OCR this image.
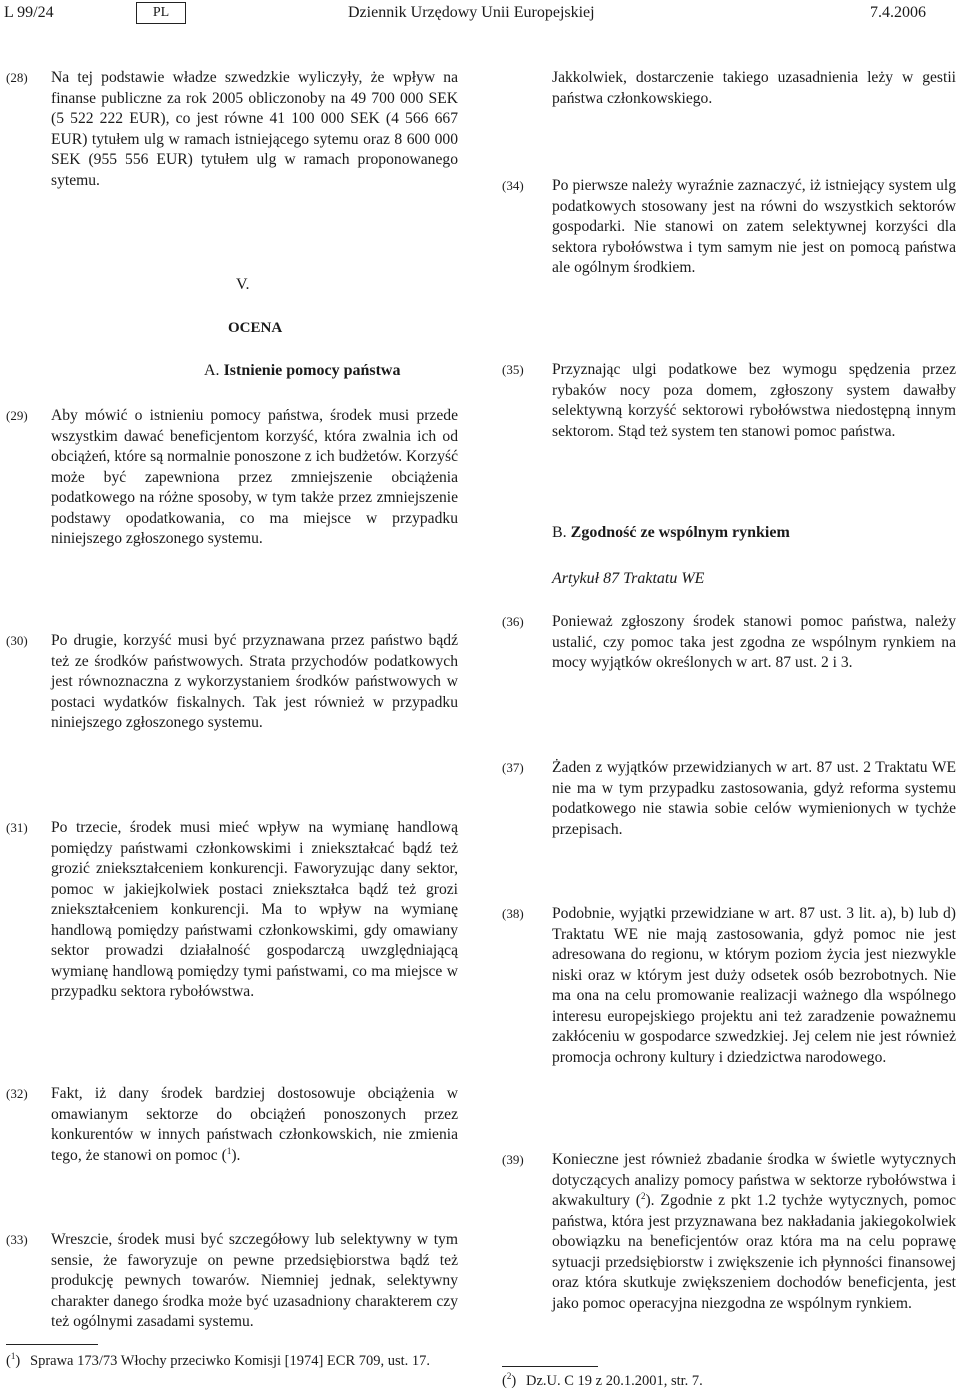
L 99/24	PL	Dziennik Urzędowy Unii Europejskiej	7.4.2006
(28) Na tej podstawie władze szwedzkie wyliczyły, że wpływ na finanse publiczne za rok 2005 obliczonoby na 49 700 000 SEK (5 522 222 EUR), co jest równe 41 100 000 SEK (4 566 667 EUR) tytułem ulg w ramach istniejącego sytemu oraz 8 600 000 SEK (955 556 EUR) tytułem ulg w ramach proponowanego sytemu.
V.
OCENA
A. Istnienie pomocy państwa
(29) Aby mówić o istnieniu pomocy państwa, środek musi przede wszystkim dawać beneficjentom korzyść, która zwalnia ich od obciążeń, które są normalnie ponoszone z ich budżetów. Korzyść może być zapewniona przez zmniejszenie obciążenia podatkowego na różne sposoby, w tym także przez zmniejszenie podstawy opodatkowania, co ma miejsce w przypadku niniejszego zgłoszonego systemu.
(30) Po drugie, korzyść musi być przyznawana przez państwo bądź też ze środków państwowych. Strata przychodów podatkowych jest równoznaczna z wykorzystaniem środków państwowych w postaci wydatków fiskalnych. Tak jest również w przypadku niniejszego zgłoszonego systemu.
(31) Po trzecie, środek musi mieć wpływ na wymianę handlową pomiędzy państwami członkowskimi i zniekształcać bądź też grozić zniekształceniem konkurencji. Faworyzując dany sektor, pomoc w jakiejkolwiek postaci zniekształca bądź też grozi zniekształceniem konkurencji. Ma to wpływ na wymianę handlową pomiędzy państwami członkowskimi, gdy omawiany sektor prowadzi działalność gospodarczą uwzględniającą wymianę handlową pomiędzy tymi państwami, co ma miejsce w przypadku sektora rybołówstwa.
(32) Fakt, iż dany środek bardziej dostosowuje obciążenia w omawianym sektorze do obciążeń ponoszonych przez konkurentów w innych państwach członkowskich, nie zmienia tego, że stanowi on pomoc ($^1$).
(33) Wreszcie, środek musi być szczegółowy lub selektywny w tym sensie, że faworyzuje on pewne przedsiębiorstwa bądź też produkcję pewnych towarów. Niemniej jednak, selektywny charakter danego środka może być uzasadniony charakterem czy też ogólnymi zasadami systemu.
($^1$) Sprawa 173/73 Włochy przeciwko Komisji [1974] ECR 709, ust. 17.
Jakkolwiek, dostarczenie takiego uzasadnienia leży w gestii państwa członkowskiego.
(34) Po pierwsze należy wyraźnie zaznaczyć, iż istniejący system ulg podatkowych stosowany jest na równi do wszystkich sektorów gospodarki. Nie stanowi on zatem selektywnej korzyści dla sektora rybołówstwa i tym samym nie jest on pomocą państwa ale ogólnym środkiem.
(35) Przyznając ulgi podatkowe bez wymogu spędzenia przez rybaków nocy poza domem, zgłoszony system dawałby selektywną korzyść sektorowi rybołówstwa niedostępną innym sektorom. Stąd też system ten stanowi pomoc państwa.
B. Zgodność ze wspólnym rynkiem
Artykuł 87 Traktatu WE
(36) Ponieważ zgłoszony środek stanowi pomoc państwa, należy ustalić, czy pomoc taka jest zgodna ze wspólnym rynkiem na mocy wyjątków określonych w art. 87 ust. 2 i 3.
(37) Żaden z wyjątków przewidzianych w art. 87 ust. 2 Traktatu WE nie ma w tym przypadku zastosowania, gdyż reforma systemu podatkowego nie stawia sobie celów wymienionych w tychże przepisach.
(38) Podobnie, wyjątki przewidziane w art. 87 ust. 3 lit. a), b) lub d) Traktatu WE nie mają zastosowania, gdyż pomoc nie jest adresowana do regionu, w którym poziom życia jest niezwykle niski oraz w którym jest duży odsetek osób bezrobotnych. Nie ma ona na celu promowanie realizacji ważnego dla wspólnego interesu europejskiego projektu ani też zaradzenie poważnemu zakłóceniu w gospodarce szwedzkiej. Jej celem nie jest również promocja ochrony kultury i dziedzictwa narodowego.
(39) Konieczne jest również zbadanie środka w świetle wytycznych dotyczących analizy pomocy państwa w sektorze rybołówstwa i akwakultury ($^2$). Zgodnie z pkt 1.2 tychże wytycznych, pomoc państwa, która jest przyznawana bez nakładania jakiegokolwiek obowiązku na beneficjentów oraz która ma na celu poprawę sytuacji przedsiębiorstw i zwiększenie ich płynności finansowej oraz która skutkuje zwiększeniem dochodów beneficjenta, jest jako pomoc operacyjna niezgodna ze wspólnym rynkiem.
($^2$) Dz.U. C 19 z 20.1.2001, str. 7.
